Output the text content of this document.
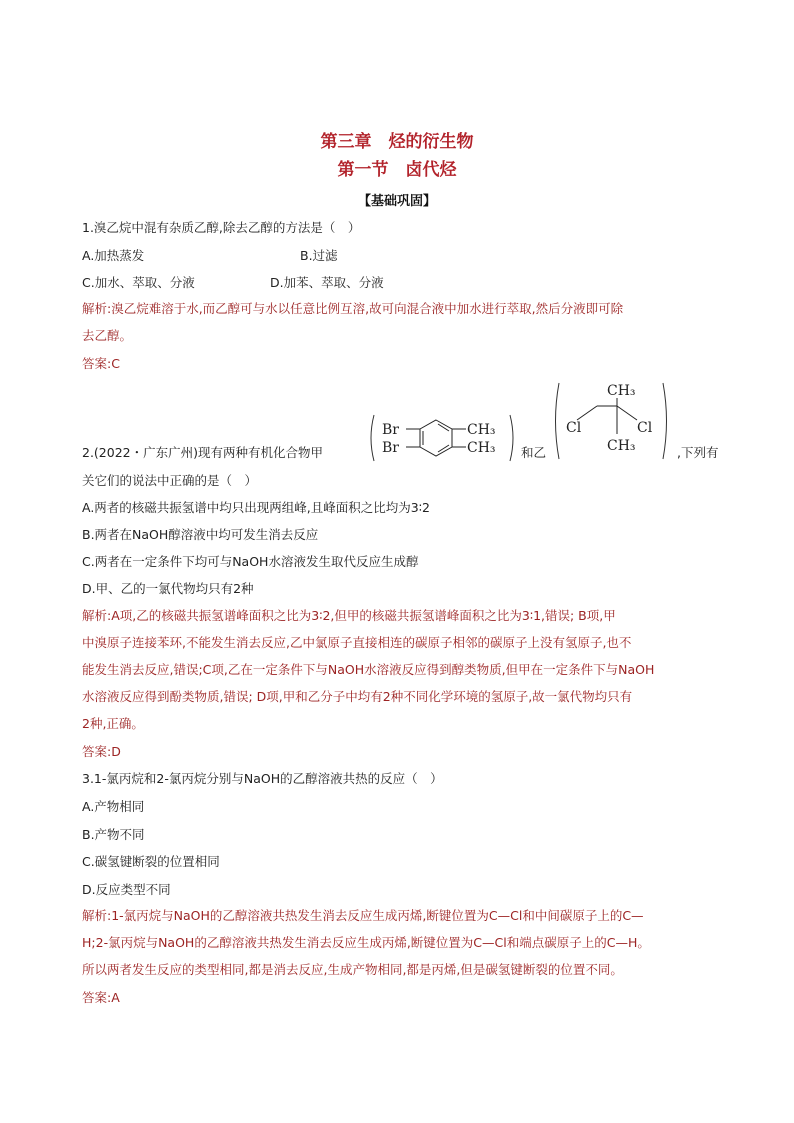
第三章　烃的衍生物
第一节　卤代烃
【基础巩固】
1.溴乙烷中混有杂质乙醇,除去乙醇的方法是（　）
A.加热蒸发	B.过滤
C.加水、萃取、分液	D.加苯、萃取、分液
解析:溴乙烷难溶于水,而乙醇可与水以任意比例互溶,故可向混合液中加水进行萃取,然后分液即可除
去乙醇。
答案:C
2.(2022・广东广州)现有两种有机化合物甲
Br
Br
CH₃
CH₃ 和乙
CH₃
CH₃
Cl	Cl
,下列有
关它们的说法中正确的是（　）
A.两者的核磁共振氢谱中均只出现两组峰,且峰面积之比均为3∶2
B.两者在NaOH醇溶液中均可发生消去反应
C.两者在一定条件下均可与NaOH水溶液发生取代反应生成醇
D.甲、乙的一氯代物均只有2种
解析:A项,乙的核磁共振氢谱峰面积之比为3∶2,但甲的核磁共振氢谱峰面积之比为3∶1,错误; B项,甲
中溴原子连接苯环,不能发生消去反应,乙中氯原子直接相连的碳原子相邻的碳原子上没有氢原子,也不
能发生消去反应,错误;C项,乙在一定条件下与NaOH水溶液反应得到醇类物质,但甲在一定条件下与NaOH
水溶液反应得到酚类物质,错误; D项,甲和乙分子中均有2种不同化学环境的氢原子,故一氯代物均只有
2种,正确。
答案:D
3.1-氯丙烷和2-氯丙烷分别与NaOH的乙醇溶液共热的反应（　）
A.产物相同
B.产物不同
C.碳氢键断裂的位置相同
D.反应类型不同
解析:1-氯丙烷与NaOH的乙醇溶液共热发生消去反应生成丙烯,断键位置为C—Cl和中间碳原子上的C—
H;2-氯丙烷与NaOH的乙醇溶液共热发生消去反应生成丙烯,断键位置为C—Cl和端点碳原子上的C—H。
所以两者发生反应的类型相同,都是消去反应,生成产物相同,都是丙烯,但是碳氢键断裂的位置不同。
答案:A
